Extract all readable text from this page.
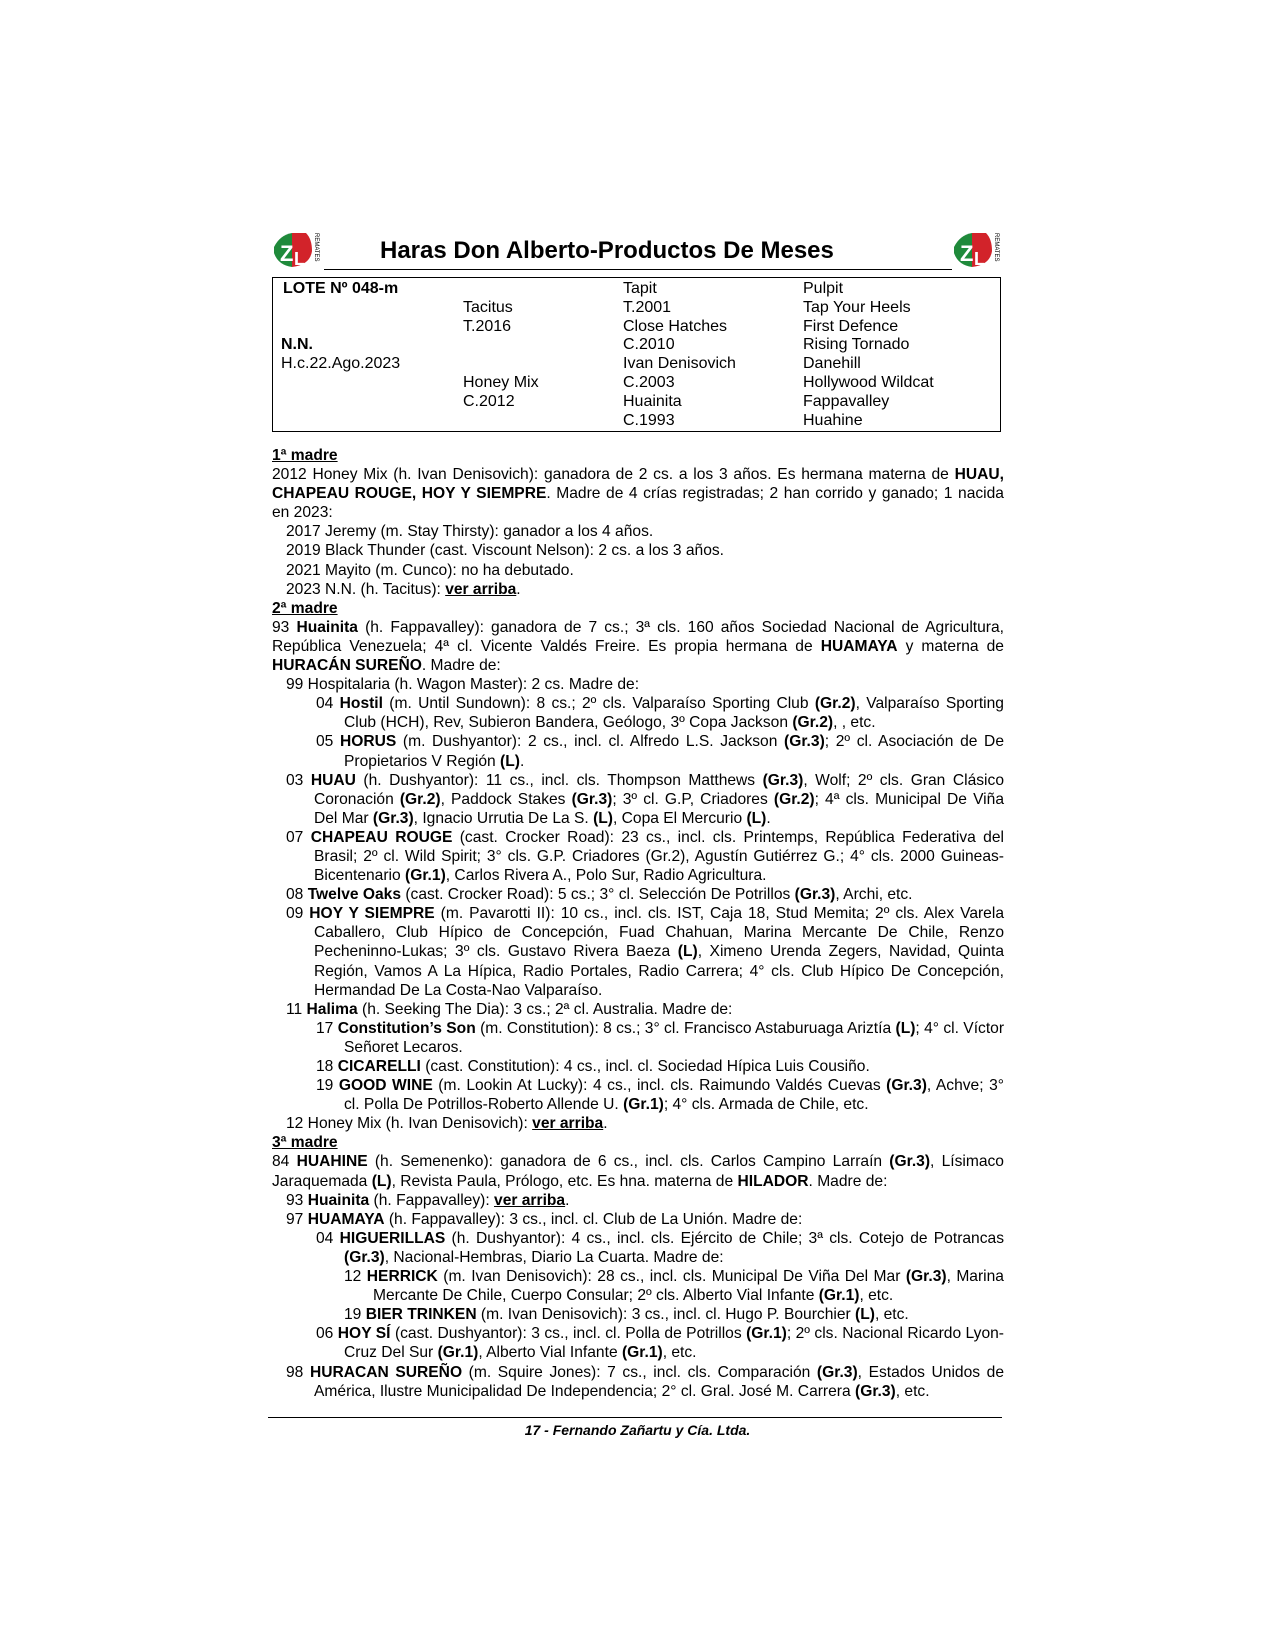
Z L REMATES	Haras Don Alberto-Productos De Meses	Z L REMATES
LOTE Nº 048-m
N.N.
H.c.22.Ago.2023
Tacitus
T.2016
Honey Mix
C.2012
Tapit
T.2001
Close Hatches
C.2010
Ivan Denisovich
C.2003
Huainita
C.1993
Pulpit
Tap Your Heels
First Defence
Rising Tornado
Danehill
Hollywood Wildcat
Fappavalley
Huahine

1ª madre

2012 Honey Mix (h. Ivan Denisovich): ganadora de 2 cs. a los 3 años. Es hermana materna de HUAU, CHAPEAU ROUGE, HOY Y SIEMPRE. Madre de 4 crías registradas; 2 han corrido y ganado; 1 nacida en 2023:

2017 Jeremy (m. Stay Thirsty): ganador a los 4 años.

2019 Black Thunder (cast. Viscount Nelson): 2 cs. a los 3 años.

2021 Mayito (m. Cunco): no ha debutado.

2023 N.N. (h. Tacitus): ver arriba.

2ª madre

93 Huainita (h. Fappavalley): ganadora de 7 cs.; 3ª cls. 160 años Sociedad Nacional de Agricultura, República Venezuela; 4ª cl. Vicente Valdés Freire. Es propia hermana de HUAMAYA y materna de HURACÁN SUREÑO. Madre de:

99 Hospitalaria (h. Wagon Master): 2 cs. Madre de:

04 Hostil (m. Until Sundown): 8 cs.; 2º cls. Valparaíso Sporting Club (Gr.2), Valparaíso Sporting Club (HCH), Rev, Subieron Bandera, Geólogo, 3º Copa Jackson (Gr.2), , etc.

05 HORUS (m. Dushyantor): 2 cs., incl. cl. Alfredo L.S. Jackson (Gr.3); 2º cl. Asociación de De Propietarios V Región (L).

03 HUAU (h. Dushyantor): 11 cs., incl. cls. Thompson Matthews (Gr.3), Wolf; 2º cls. Gran Clásico Coronación (Gr.2), Paddock Stakes (Gr.3); 3º cl. G.P, Criadores (Gr.2); 4ª cls. Municipal De Viña Del Mar (Gr.3), Ignacio Urrutia De La S. (L), Copa El Mercurio (L).

07 CHAPEAU ROUGE (cast. Crocker Road): 23 cs., incl. cls. Printemps, República Federativa del Brasil; 2º cl. Wild Spirit; 3° cls. G.P. Criadores (Gr.2), Agustín Gutiérrez G.; 4° cls. 2000 Guineas-Bicentenario (Gr.1), Carlos Rivera A., Polo Sur, Radio Agricultura.

08 Twelve Oaks (cast. Crocker Road): 5 cs.; 3° cl. Selección De Potrillos (Gr.3), Archi, etc.

09 HOY Y SIEMPRE (m. Pavarotti II): 10 cs., incl. cls. IST, Caja 18, Stud Memita; 2º cls. Alex Varela Caballero, Club Hípico de Concepción, Fuad Chahuan, Marina Mercante De Chile, Renzo Pecheninno-Lukas; 3º cls. Gustavo Rivera Baeza (L), Ximeno Urenda Zegers, Navidad, Quinta Región, Vamos A La Hípica, Radio Portales, Radio Carrera; 4° cls. Club Hípico De Concepción, Hermandad De La Costa-Nao Valparaíso.

11 Halima (h. Seeking The Dia): 3 cs.; 2ª cl. Australia. Madre de:

17 Constitution’s Son (m. Constitution): 8 cs.; 3° cl. Francisco Astaburuaga Ariztía (L); 4° cl. Víctor Señoret Lecaros.

18 CICARELLI (cast. Constitution): 4 cs., incl. cl. Sociedad Hípica Luis Cousiño.

19 GOOD WINE (m. Lookin At Lucky): 4 cs., incl. cls. Raimundo Valdés Cuevas (Gr.3), Achve; 3° cl. Polla De Potrillos-Roberto Allende U. (Gr.1); 4° cls. Armada de Chile, etc.

12 Honey Mix (h. Ivan Denisovich): ver arriba.

3ª madre

84 HUAHINE (h. Semenenko): ganadora de 6 cs., incl. cls. Carlos Campino Larraín (Gr.3), Lísimaco Jaraquemada (L), Revista Paula, Prólogo, etc. Es hna. materna de HILADOR. Madre de:

93 Huainita (h. Fappavalley): ver arriba.

97 HUAMAYA (h. Fappavalley): 3 cs., incl. cl. Club de La Unión. Madre de:

04 HIGUERILLAS (h. Dushyantor): 4 cs., incl. cls. Ejército de Chile; 3ª cls. Cotejo de Potrancas (Gr.3), Nacional-Hembras, Diario La Cuarta. Madre de:

12 HERRICK (m. Ivan Denisovich): 28 cs., incl. cls. Municipal De Viña Del Mar (Gr.3), Marina Mercante De Chile, Cuerpo Consular; 2º cls. Alberto Vial Infante (Gr.1), etc.

19 BIER TRINKEN (m. Ivan Denisovich): 3 cs., incl. cl. Hugo P. Bourchier (L), etc.

06 HOY SÍ (cast. Dushyantor): 3 cs., incl. cl. Polla de Potrillos (Gr.1); 2º cls. Nacional Ricardo Lyon-Cruz Del Sur (Gr.1), Alberto Vial Infante (Gr.1), etc.

98 HURACAN SUREÑO (m. Squire Jones): 7 cs., incl. cls. Comparación (Gr.3), Estados Unidos de América, Ilustre Municipalidad De Independencia; 2° cl. Gral. José M. Carrera (Gr.3), etc.

17 - Fernando Zañartu y Cía. Ltda.
